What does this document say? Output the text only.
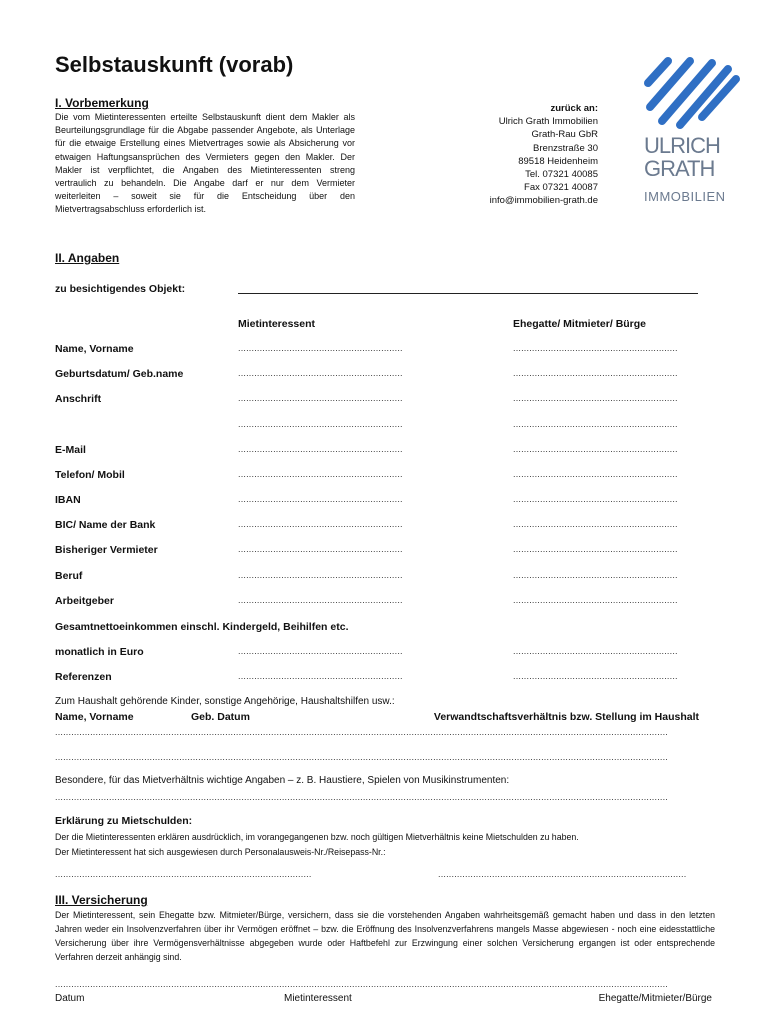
Selbstauskunft (vorab)
I. Vorbemerkung
Die vom Mietinteressenten erteilte Selbstauskunft dient dem Makler als Beurteilungsgrundlage für die Abgabe passender Angebote, als Unterlage für die etwaige Erstellung eines Mietvertrages sowie als Absicherung vor etwaigen Haftungsansprüchen des Vermieters gegen den Makler. Der Makler ist verpflichtet, die Angaben des Mietinteressenten streng vertraulich zu behandeln. Die Angabe darf er nur dem Vermieter weiterleiten – soweit sie für die Entscheidung über den Mietvertragsabschluss erforderlich ist.
zurück an:
Ulrich Grath Immobilien
Grath-Rau GbR
Brenzstraße 30
89518 Heidenheim
Tel. 07321 40085
Fax 07321 40087
info@immobilien-grath.de
ULRICH
GRATH
IMMOBILIEN
II. Angaben
zu besichtigendes Objekt:
Mietinteressent	Ehegatte/ Mitmieter/ Bürge
Name, Vorname	.............................................................	.............................................................
Geburtsdatum/ Geb.name	.............................................................	.............................................................
Anschrift	.............................................................	.............................................................
.............................................................	.............................................................
E-Mail	.............................................................	.............................................................
Telefon/ Mobil	.............................................................	.............................................................
IBAN	.............................................................	.............................................................
BIC/ Name der Bank	.............................................................	.............................................................
Bisheriger Vermieter	.............................................................	.............................................................
Beruf	.............................................................	.............................................................
Arbeitgeber	.............................................................	.............................................................
Gesamtnettoeinkommen einschl. Kindergeld, Beihilfen etc.
monatlich in Euro	.............................................................	.............................................................
Referenzen	.............................................................	.............................................................
Zum Haushalt gehörende Kinder, sonstige Angehörige, Haushaltshilfen usw.:
Name, Vorname	Geb. Datum	Verwandtschaftsverhältnis bzw. Stellung im Haushalt
...................................................................................................................................................................................................................................
...................................................................................................................................................................................................................................
Besondere, für das Mietverhältnis wichtige Angaben – z. B. Haustiere, Spielen von Musikinstrumenten:
...................................................................................................................................................................................................................................
Erklärung zu Mietschulden:
Der die Mietinteressenten erklären ausdrücklich, im vorangegangenen bzw. noch gültigen Mietverhältnis keine Mietschulden zu haben.
Der Mietinteressent hat sich ausgewiesen durch Personalausweis-Nr./Reisepass-Nr.:
...............................................................................................	............................................................................................
III. Versicherung
Der Mietinteressent, sein Ehegatte bzw. Mitmieter/Bürge, versichern, dass sie die vorstehenden Angaben wahrheitsgemäß gemacht haben und dass in den letzten Jahren weder ein Insolvenzverfahren über ihr Vermögen eröffnet – bzw. die Eröffnung des Insolvenzverfahrens mangels Masse abgewiesen - noch eine eidesstattliche Versicherung über ihre Vermögensverhältnisse abgegeben wurde oder Haftbefehl zur Erzwingung einer solchen Versicherung ergangen ist oder entsprechende Verfahren derzeit anhängig sind.
...................................................................................................................................................................................................................................
Datum	Mietinteressent	Ehegatte/Mitmieter/Bürge
